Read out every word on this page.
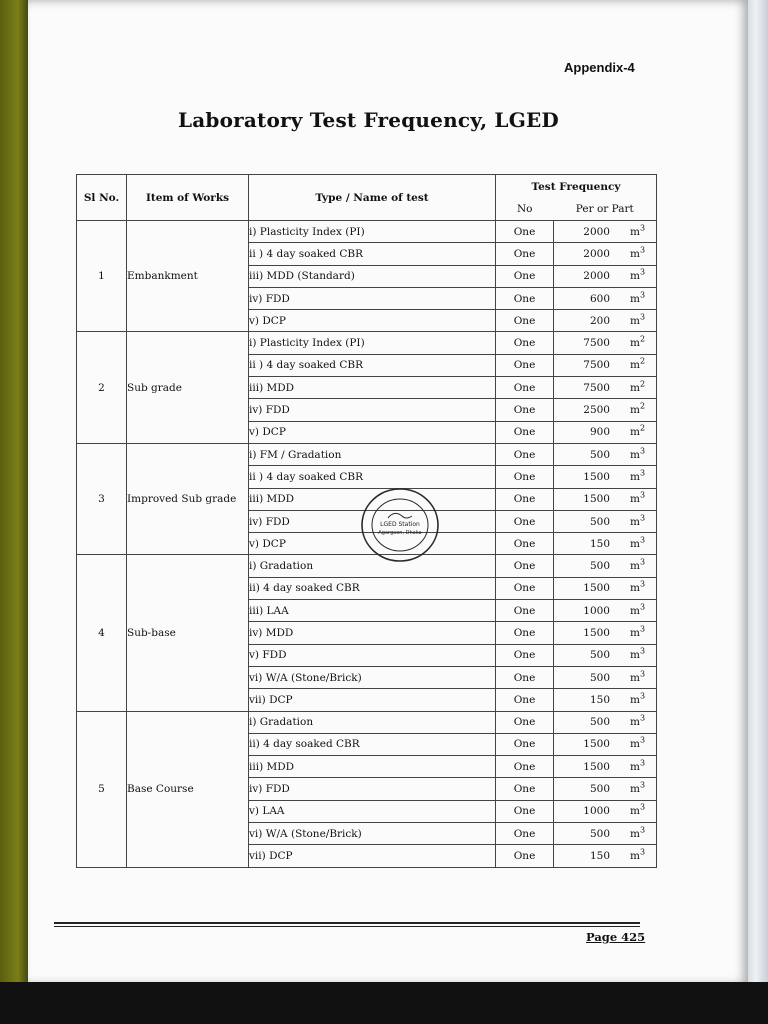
Appendix-4
Laboratory Test Frequency, LGED
Sl No.	Item of Works	Type / Name of test	Test Frequency	
			No	Per or Part
1	Embankment	i) Plasticity Index (PI)	One	2000 $m^3$

		ii ) 4 day soaked CBR	One	2000 $m^3$

		iii) MDD (Standard)	One	2000 $m^3$

		iv) FDD	One	600 $m^3$

		v) DCP	One	200 $m^3$

2	Sub grade	i) Plasticity Index (PI)	One	7500 $m^2$

		ii ) 4 day soaked CBR	One	7500 $m^2$

		iii) MDD	One	7500 $m^2$

		iv) FDD	One	2500 $m^2$

		v) DCP	One	900 $m^2$

3	Improved Sub grade	i) FM / Gradation	One	500 $m^3$

		ii ) 4 day soaked CBR	One	1500 $m^3$

		iii) MDD	One	1500 $m^3$

		iv) FDD	One	500 $m^3$

		v) DCP	One	150 $m^3$

4	Sub-base	i) Gradation	One	500 $m^3$

		ii) 4 day soaked CBR	One	1500 $m^3$

		iii) LAA	One	1000 $m^3$

		iv) MDD	One	1500 $m^3$

		v) FDD	One	500 $m^3$

		vi) W/A (Stone/Brick)	One	500 $m^3$

		vii) DCP	One	150 $m^3$

5	Base Course	i) Gradation	One	500 $m^3$

		ii) 4 day soaked CBR	One	1500 $m^3$

		iii) MDD	One	1500 $m^3$

		iv) FDD	One	500 $m^3$

		v) LAA	One	1000 $m^3$

		vi) W/A (Stone/Brick)	One	500 $m^3$

		vii) DCP	One	150 $m^3$
LGED Station
Agargaon, Dhaka
Page 425
